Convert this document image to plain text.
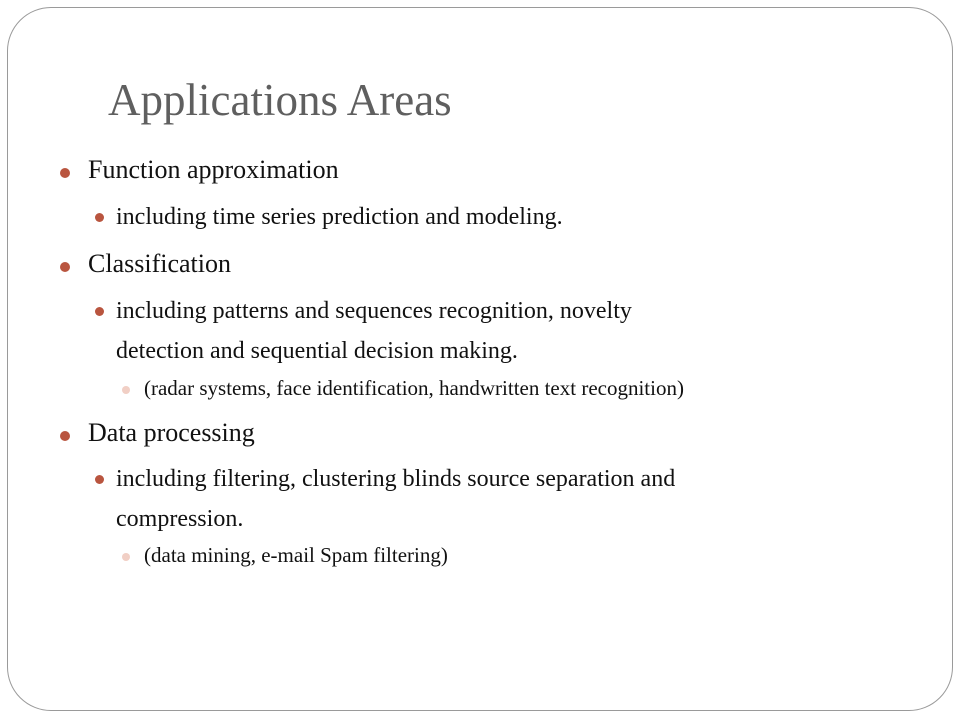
Applications Areas
Function approximation
including time series prediction and modeling.
Classification
including patterns and sequences recognition, novelty
detection and sequential decision making.
(radar systems, face identification, handwritten text recognition)
Data processing
including filtering, clustering blinds source separation and
compression.
(data mining, e-mail Spam filtering)
